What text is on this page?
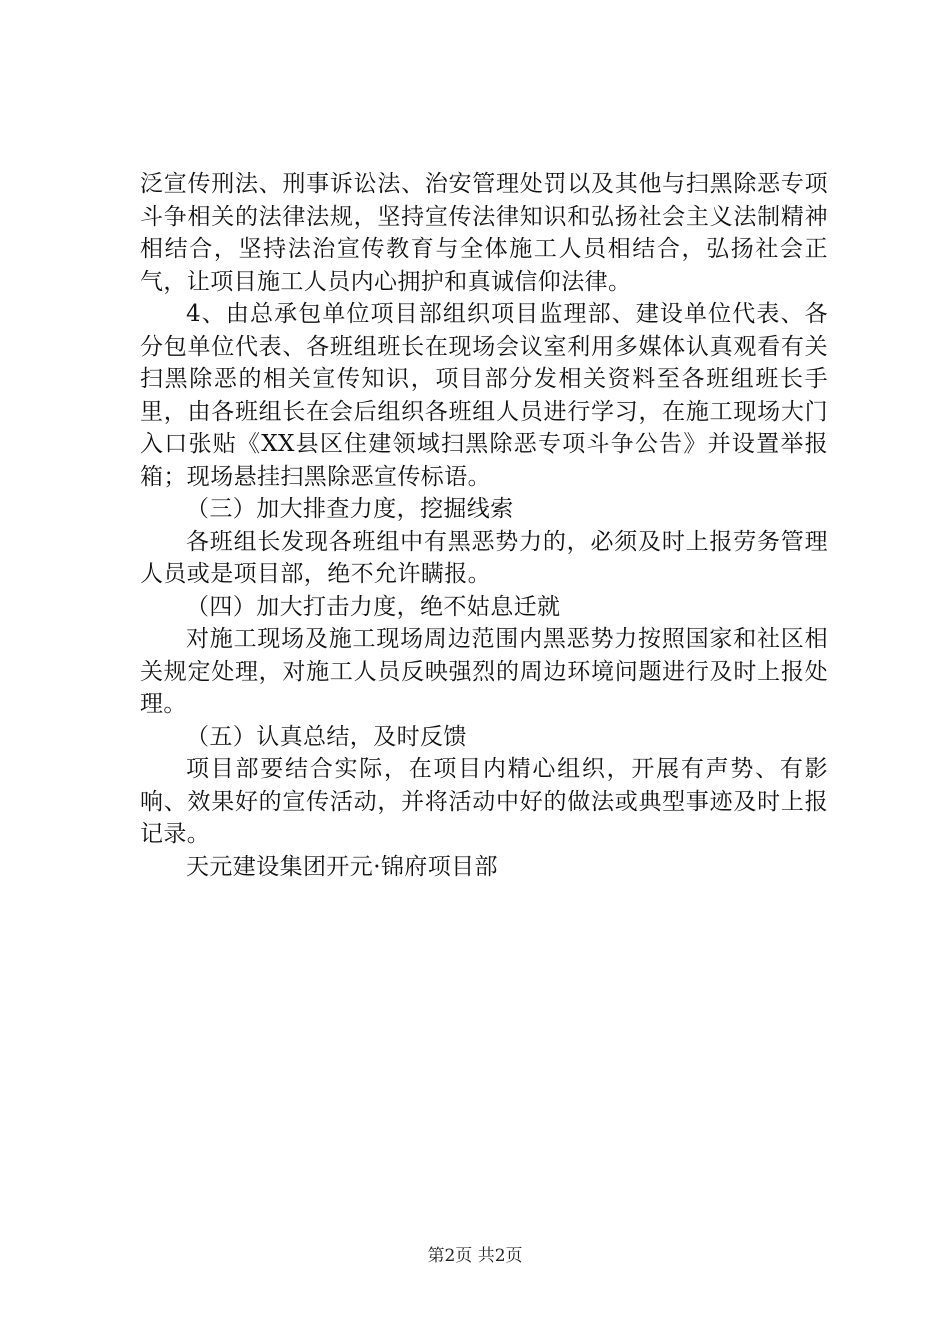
泛宣传刑法、刑事诉讼法、治安管理处罚以及其他与扫黑除恶专项斗争相关的法律法规，坚持宣传法律知识和弘扬社会主义法制精神相结合，坚持法治宣传教育与全体施工人员相结合，弘扬社会正气，让项目施工人员内心拥护和真诚信仰法律。

4、由总承包单位项目部组织项目监理部、建设单位代表、各分包单位代表、各班组班长在现场会议室利用多媒体认真观看有关扫黑除恶的相关宣传知识，项目部分发相关资料至各班组班长手里，由各班组长在会后组织各班组人员进行学习，在施工现场大门入口张贴《XX县区住建领域扫黑除恶专项斗争公告》并设置举报箱；现场悬挂扫黑除恶宣传标语。

（三）加大排查力度，挖掘线索

各班组长发现各班组中有黑恶势力的，必须及时上报劳务管理人员或是项目部，绝不允许瞒报。

（四）加大打击力度，绝不姑息迁就

对施工现场及施工现场周边范围内黑恶势力按照国家和社区相关规定处理，对施工人员反映强烈的周边环境问题进行及时上报处理。

（五）认真总结，及时反馈

项目部要结合实际，在项目内精心组织，开展有声势、有影响、效果好的宣传活动，并将活动中好的做法或典型事迹及时上报记录。

天元建设集团开元·锦府项目部

第2页 共2页
